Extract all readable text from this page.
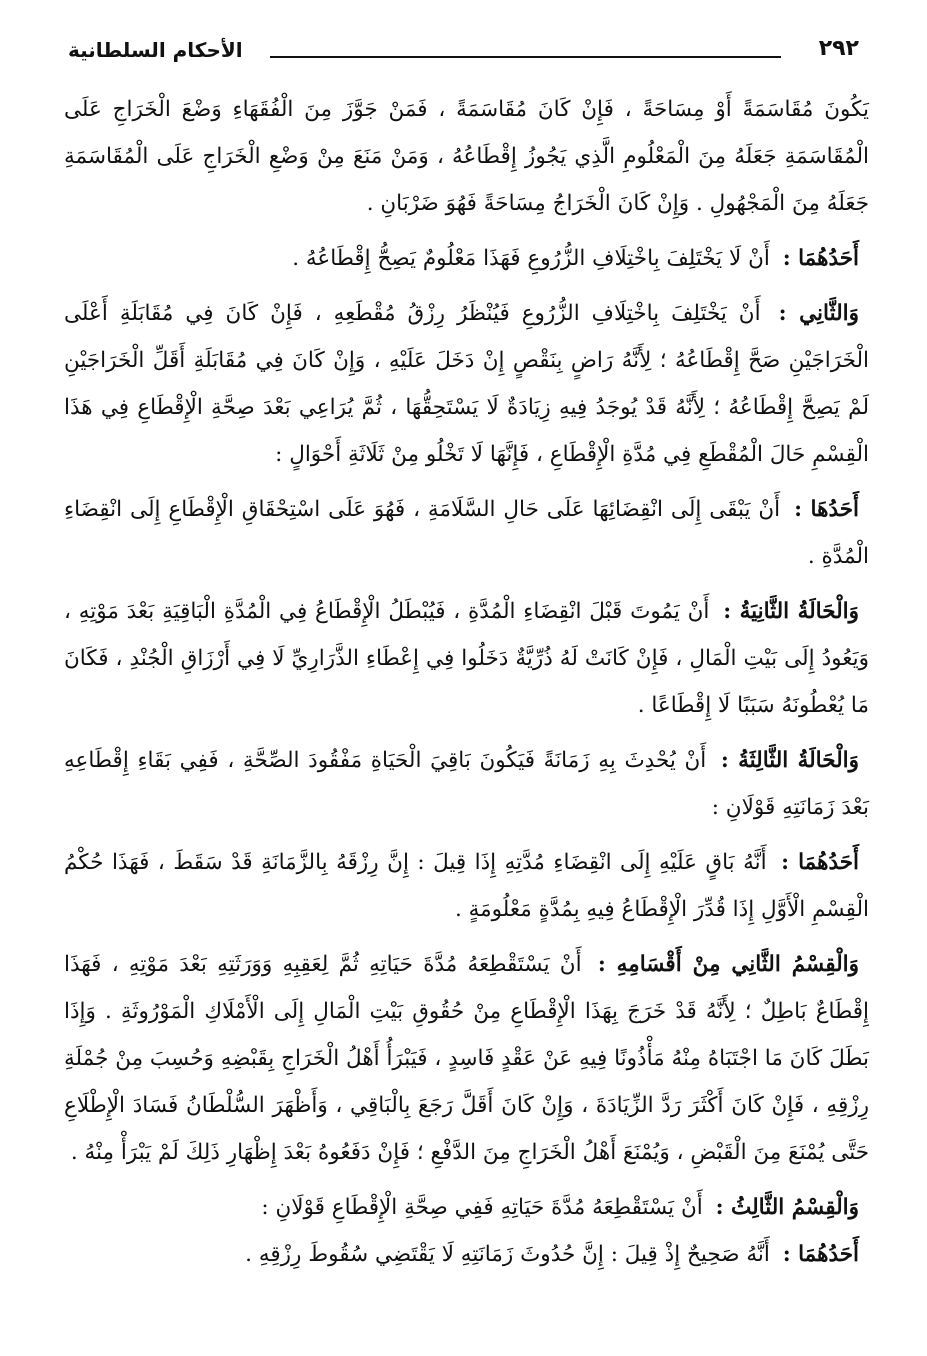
٢٩٢
الأحكام السلطانية

يَكُونَ مُقَاسَمَةً أَوْ مِسَاحَةً ، فَإِنْ كَانَ مُقَاسَمَةً ، فَمَنْ جَوَّزَ مِنَ الْفُقَهَاءِ وَضْعَ الْخَرَاجِ عَلَى الْمُقَاسَمَةِ جَعَلَهُ مِنَ الْمَعْلُومِ الَّذِي يَجُوزُ إِقْطَاعُهُ ، وَمَنْ مَنَعَ مِنْ وَضْعِ الْخَرَاجِ عَلَى الْمُقَاسَمَةِ جَعَلَهُ مِنَ الْمَجْهُولِ . وَإِنْ كَانَ الْخَرَاجُ مِسَاحَةً فَهُوَ ضَرْبَانِ .

أَحَدُهُمَا : أَنْ لَا يَخْتَلِفَ بِاخْتِلَافِ الزُّرُوعِ فَهَذَا مَعْلُومٌ يَصِحُّ إِقْطَاعُهُ .

وَالثَّانِي : أَنْ يَخْتَلِفَ بِاخْتِلَافِ الزُّرُوعِ فَيُنْظَرُ رِزْقُ مُقْطَعِهِ ، فَإِنْ كَانَ فِي مُقَابَلَةِ أَعْلَى الْخَرَاجَيْنِ صَحَّ إِقْطَاعُهُ ؛ لِأَنَّهُ رَاضٍ بِنَقْصٍ إِنْ دَخَلَ عَلَيْهِ ، وَإِنْ كَانَ فِي مُقَابَلَةِ أَقَلِّ الْخَرَاجَيْنِ لَمْ يَصِحَّ إِقْطَاعُهُ ؛ لِأَنَّهُ قَدْ يُوجَدُ فِيهِ زِيَادَةٌ لَا يَسْتَحِقُّهَا ، ثُمَّ يُرَاعِي بَعْدَ صِحَّةِ الْإِقْطَاعِ فِي هَذَا الْقِسْمِ حَالَ الْمُقْطَعِ فِي مُدَّةِ الْإِقْطَاعِ ، فَإِنَّهَا لَا تَخْلُو مِنْ ثَلَاثَةِ أَحْوَالٍ :

أَحَدُهَا : أَنْ يَبْقَى إِلَى انْقِضَائِهَا عَلَى حَالِ السَّلَامَةِ ، فَهُوَ عَلَى اسْتِحْقَاقِ الْإِقْطَاعِ إِلَى انْقِضَاءِ الْمُدَّةِ .

وَالْحَالَةُ الثَّانِيَةُ : أَنْ يَمُوتَ قَبْلَ انْقِضَاءِ الْمُدَّةِ ، فَيُبْطَلُ الْإِقْطَاعُ فِي الْمُدَّةِ الْبَاقِيَةِ بَعْدَ مَوْتِهِ ، وَيَعُودُ إِلَى بَيْتِ الْمَالِ ، فَإِنْ كَانَتْ لَهُ ذُرِّيَّةٌ دَخَلُوا فِي إِعْطَاءِ الذَّرَارِيِّ لَا فِي أَرْزَاقِ الْجُنْدِ ، فَكَانَ مَا يُعْطُونَهُ سَبَبًا لَا إِقْطَاعًا .

وَالْحَالَةُ الثَّالِثَةُ : أَنْ يُحْدِثَ بِهِ زَمَانَةً فَيَكُونَ بَاقِيَ الْحَيَاةِ مَفْقُودَ الصِّحَّةِ ، فَفِي بَقَاءِ إِقْطَاعِهِ بَعْدَ زَمَانَتِهِ قَوْلَانِ :

أَحَدُهُمَا : أَنَّهُ بَاقٍ عَلَيْهِ إِلَى انْقِضَاءِ مُدَّتِهِ إِذَا قِيلَ : إِنَّ رِزْقَهُ بِالزَّمَانَةِ قَدْ سَقَطَ ، فَهَذَا حُكْمُ الْقِسْمِ الْأَوَّلِ إِذَا قُدِّرَ الْإِقْطَاعُ فِيهِ بِمُدَّةٍ مَعْلُومَةٍ .

وَالْقِسْمُ الثَّانِي مِنْ أَقْسَامِهِ : أَنْ يَسْتَقْطِعَهُ مُدَّةَ حَيَاتِهِ ثُمَّ لِعَقِبِهِ وَوَرَثَتِهِ بَعْدَ مَوْتِهِ ، فَهَذَا إِقْطَاعٌ بَاطِلٌ ؛ لِأَنَّهُ قَدْ خَرَجَ بِهَذَا الْإِقْطَاعِ مِنْ حُقُوقِ بَيْتِ الْمَالِ إِلَى الْأَمْلَاكِ الْمَوْرُوثَةِ . وَإِذَا بَطَلَ كَانَ مَا اجْتَبَاهُ مِنْهُ مَأْذُونًا فِيهِ عَنْ عَقْدٍ فَاسِدٍ ، فَيَبْرَأُ أَهْلُ الْخَرَاجِ بِقَبْضِهِ وَحُسِبَ مِنْ جُمْلَةِ رِزْقِهِ ، فَإِنْ كَانَ أَكْثَرَ رَدَّ الزِّيَادَةَ ، وَإِنْ كَانَ أَقَلَّ رَجَعَ بِالْبَاقِي ، وَأَظْهَرَ السُّلْطَانُ فَسَادَ الْإِطْلَاعِ حَتَّى يُمْنَعَ مِنَ الْقَبْضِ ، وَيُمْنَعَ أَهْلُ الْخَرَاجِ مِنَ الدَّفْعِ ؛ فَإِنْ دَفَعُوهُ بَعْدَ إِظْهَارِ ذَلِكَ لَمْ يَبْرَأْ مِنْهُ .

وَالْقِسْمُ الثَّالِثُ : أَنْ يَسْتَقْطِعَهُ مُدَّةَ حَيَاتِهِ فَفِي صِحَّةِ الْإِقْطَاعِ قَوْلَانِ :

أَحَدُهُمَا : أَنَّهُ صَحِيحٌ إِذْ قِيلَ : إِنَّ حُدُوثَ زَمَانَتِهِ لَا يَقْتَضِي سُقُوطَ رِزْقِهِ .
